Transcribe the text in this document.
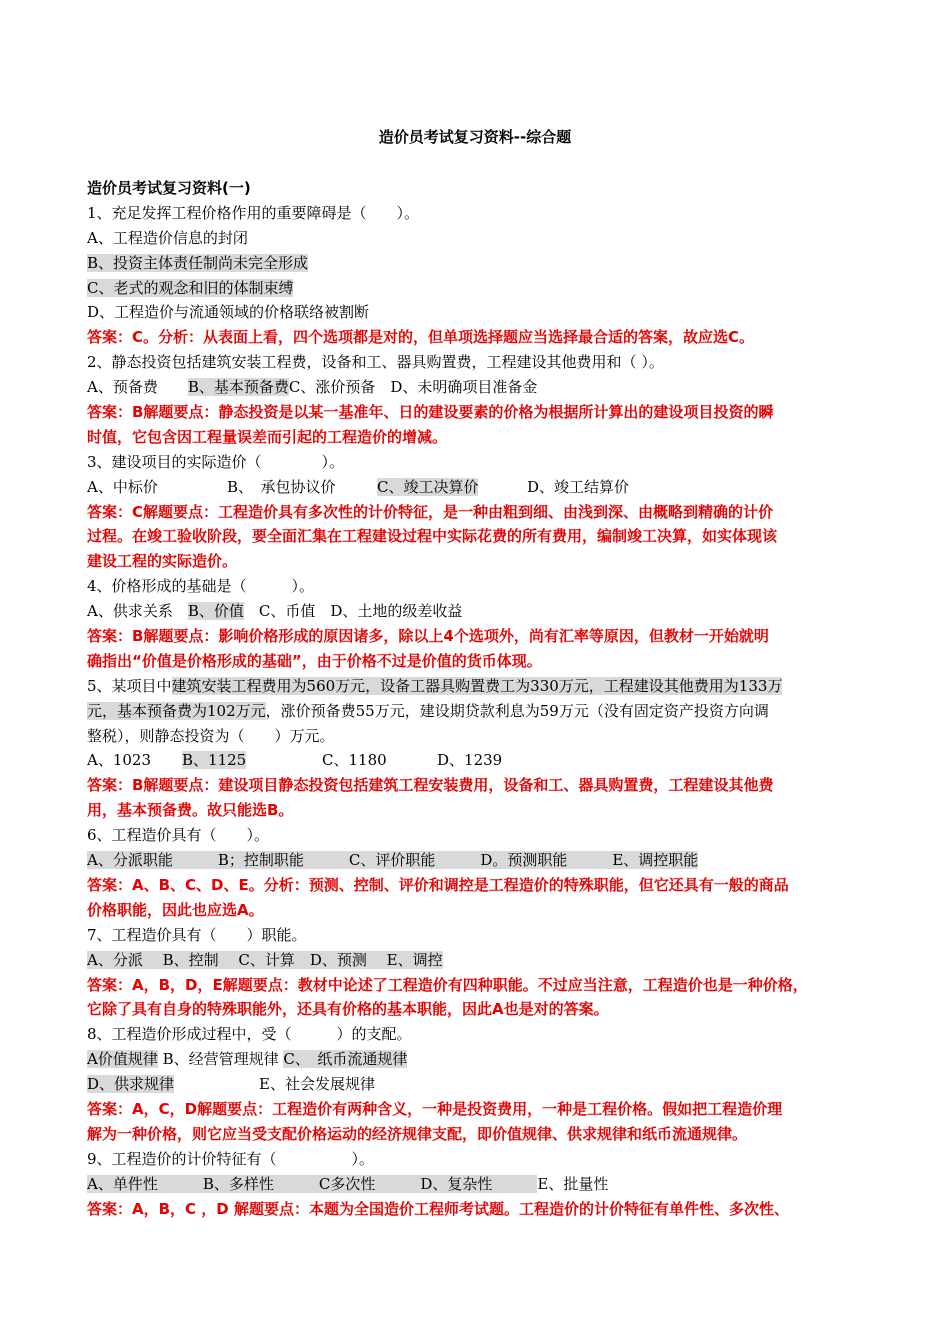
造价员考试复习资料--综合题
造价员考试复习资料(一)
1、充足发挥工程价格作用的重要障碍是（　　）。
A、工程造价信息的封闭
B、投资主体责任制尚未完全形成
C、老式的观念和旧的体制束缚
D、工程造价与流通领域的价格联络被割断
答案：C。分析：从表面上看，四个选项都是对的，但单项选择题应当选择最合适的答案，故应选C。
2、静态投资包括建筑安装工程费，设备和工、器具购置费，工程建设其他费用和（ ）。
A、预备费　　B、基本预备费C、涨价预备　D、未明确项目准备金
答案：B解题要点：静态投资是以某一基准年、日的建设要素的价格为根据所计算出的建设项目投资的瞬
时值，它包含因工程量误差而引起的工程造价的增减。
3、建设项目的实际造价（　　　　）。
A、中标价	B、　承包协议价	C、竣工决算价	D、竣工结算价
答案：C解题要点：工程造价具有多次性的计价特征，是一种由粗到细、由浅到深、由概略到精确的计价
过程。在竣工验收阶段，要全面汇集在工程建设过程中实际花费的所有费用，编制竣工决算，如实体现该
建设工程的实际造价。
4、价格形成的基础是（　　　）。
A、供求关系　B、价值　 C、币值　D、土地的级差收益
答案：B解题要点：影响价格形成的原因诸多，除以上4个选项外，尚有汇率等原因，但教材一开始就明
确指出“价值是价格形成的基础”，由于价格不过是价值的货币体现。
5、某项目中建筑安装工程费用为560万元，设备工器具购置费工为330万元，工程建设其他费用为133万
元，基本预备费为102万元，涨价预备费55万元，建设期贷款利息为59万元（没有固定资产投资方向调
整税），则静态投资为（　　）万元。
A、1023 B、1125	C、1180	D、1239
答案：B解题要点：建设项目静态投资包括建筑工程安装费用，设备和工、器具购置费，工程建设其他费
用，基本预备费。故只能选B。
6、工程造价具有（　　）。
A、分派职能　　　B；控制职能　　　C、评价职能　　　D。预测职能　　　E、调控职能
答案：A、B、C、D、E。分析：预测、控制、评价和调控是工程造价的特殊职能，但它还具有一般的商品
价格职能，因此也应选A。
7、工程造价具有（　　）职能。
A、分派　 B、控制　 C、计算　D、预测　 E、调控
答案：A，B，D，E解题要点：教材中论述了工程造价有四种职能。不过应当注意，工程造价也是一种价格，
它除了具有自身的特殊职能外，还具有价格的基本职能，因此A也是对的答案。
8、工程造价形成过程中，受（　　　）的支配。
A价值规律 B、经营管理规律 C、　纸币流通规律
D、供求规律	E、社会发展规律
答案：A，C，D解题要点：工程造价有两种含义，一种是投资费用，一种是工程价格。假如把工程造价理
解为一种价格，则它应当受支配价格运动的经济规律支配，即价值规律、供求规律和纸币流通规律。
9、工程造价的计价特征有（　　　　　）。
A、单件性　　　B、多样性　　　C多次性　　　D、复杂性　　　E、批量性
答案：A，B，C ，D 解题要点：本题为全国造价工程师考试题。工程造价的计价特征有单件性、多次性、
